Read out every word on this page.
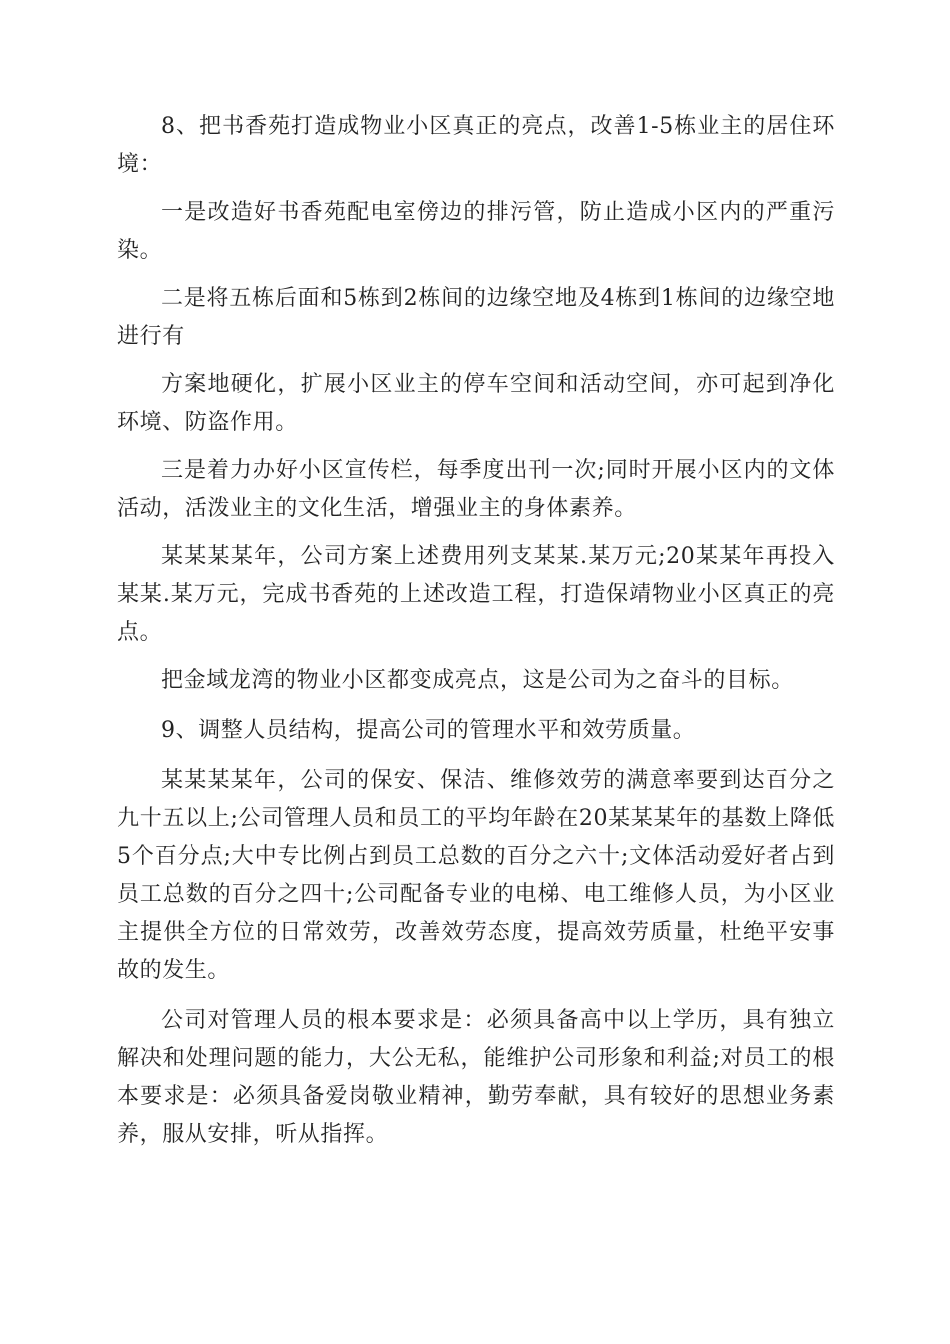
8、把书香苑打造成物业小区真正的亮点，改善1-5栋业主的居住环境：

一是改造好书香苑配电室傍边的排污管，防止造成小区内的严重污染。

二是将五栋后面和5栋到2栋间的边缘空地及4栋到1栋间的边缘空地进行有

方案地硬化，扩展小区业主的停车空间和活动空间，亦可起到净化环境、防盗作用。

三是着力办好小区宣传栏，每季度出刊一次;同时开展小区内的文体活动，活泼业主的文化生活，增强业主的身体素养。

某某某某年，公司方案上述费用列支某某.某万元;20某某年再投入某某.某万元，完成书香苑的上述改造工程，打造保靖物业小区真正的亮点。

把金域龙湾的物业小区都变成亮点，这是公司为之奋斗的目标。

9、调整人员结构，提高公司的管理水平和效劳质量。

某某某某年，公司的保安、保洁、维修效劳的满意率要到达百分之九十五以上;公司管理人员和员工的平均年龄在20某某某年的基数上降低5个百分点;大中专比例占到员工总数的百分之六十;文体活动爱好者占到员工总数的百分之四十;公司配备专业的电梯、电工维修人员，为小区业主提供全方位的日常效劳，改善效劳态度，提高效劳质量，杜绝平安事故的发生。

公司对管理人员的根本要求是：必须具备高中以上学历，具有独立解决和处理问题的能力，大公无私，能维护公司形象和利益;对员工的根本要求是：必须具备爱岗敬业精神，勤劳奉献，具有较好的思想业务素养，服从安排，听从指挥。
